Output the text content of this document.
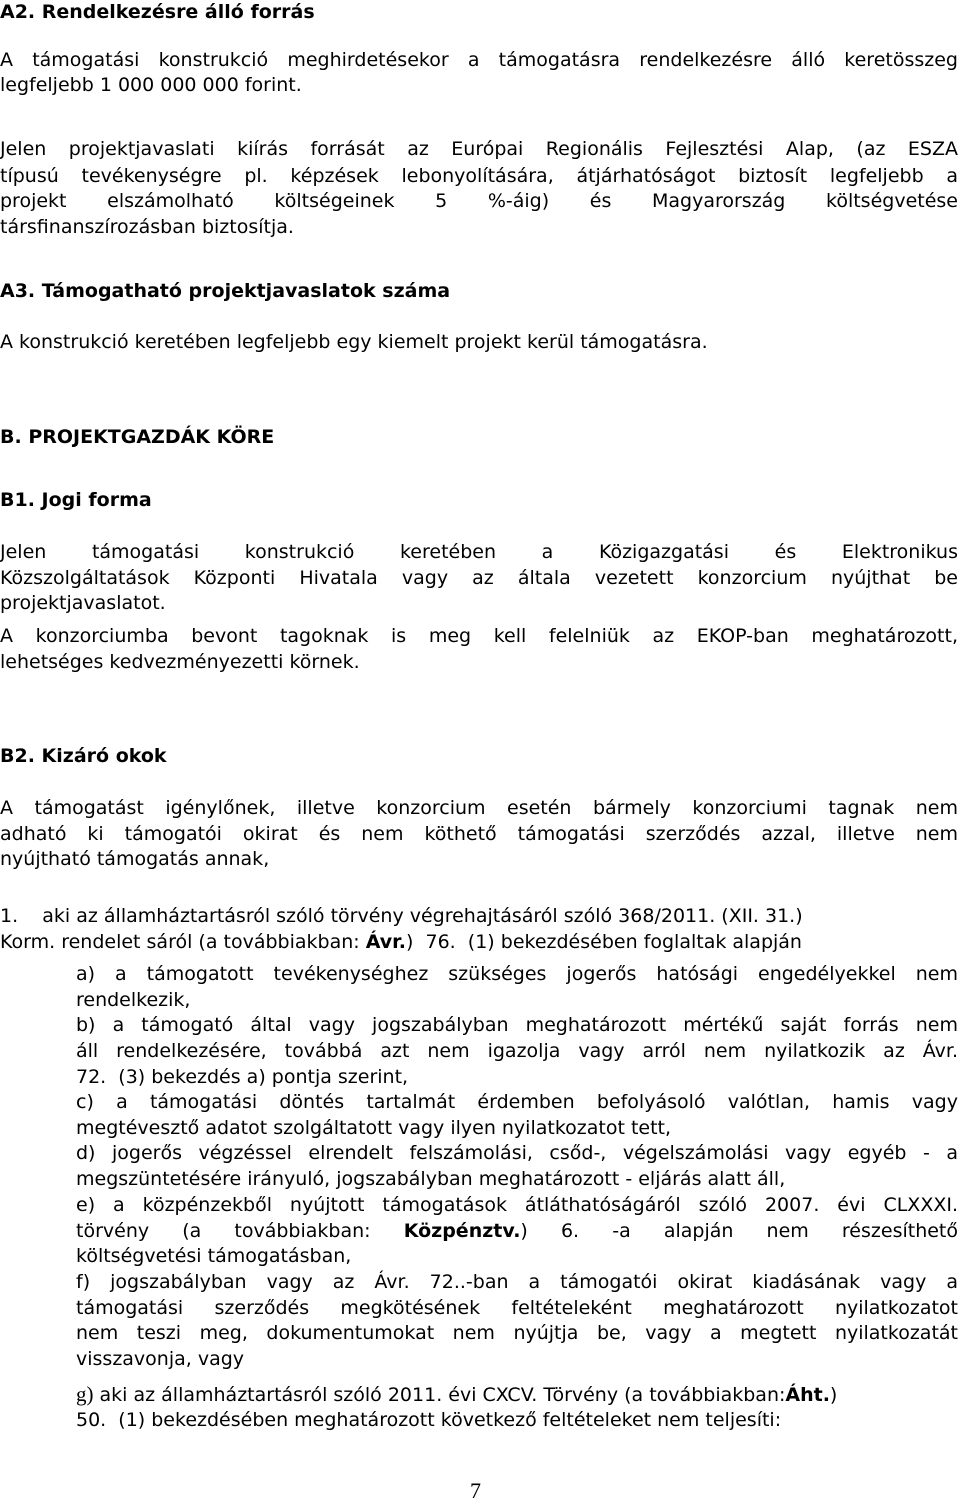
A2. Rendelkezésre álló forrás
A támogatási konstrukció meghirdetésekor a támogatásra rendelkezésre álló keretösszeg
legfeljebb 1 000 000 000 forint.
Jelen projektjavaslati kiírás forrását az Európai Regionális Fejlesztési Alap, (az ESZA
típusú tevékenységre pl. képzések lebonyolítására, átjárhatóságot biztosít legfeljebb a
projekt elszámolható költségeinek 5 %-áig) és Magyarország költségvetése
társfinanszírozásban biztosítja.
A3. Támogatható projektjavaslatok száma
A konstrukció keretében legfeljebb egy kiemelt projekt kerül támogatásra.
B. PROJEKTGAZDÁK KÖRE
B1. Jogi forma
Jelen támogatási konstrukció keretében a Közigazgatási és Elektronikus
Közszolgáltatások Központi Hivatala vagy az általa vezetett konzorcium nyújthat be
projektjavaslatot.
A konzorciumba bevont tagoknak is meg kell felelniük az EKOP-ban meghatározott,
lehetséges kedvezményezetti körnek.
B2. Kizáró okok
A támogatást igénylőnek, illetve konzorcium esetén bármely konzorciumi tagnak nem
adható ki támogatói okirat és nem köthető támogatási szerződés azzal, illetve nem
nyújtható támogatás annak,
1.    aki az államháztartásról szóló törvény végrehajtásáról szóló 368/2011. (XII. 31.)
Korm. rendelet sáról (a továbbiakban: Ávr.)  76.  (1) bekezdésében foglaltak alapján
a) a támogatott tevékenységhez szükséges jogerős hatósági engedélyekkel nem
rendelkezik,
b) a támogató által vagy jogszabályban meghatározott mértékű saját forrás nem
áll rendelkezésére, továbbá azt nem igazolja vagy arról nem nyilatkozik az Ávr.
72.  (3) bekezdés a) pontja szerint,
c) a támogatási döntés tartalmát érdemben befolyásoló valótlan, hamis vagy
megtévesztő adatot szolgáltatott vagy ilyen nyilatkozatot tett,
d) jogerős végzéssel elrendelt felszámolási, csőd-, végelszámolási vagy egyéb - a
megszüntetésére irányuló, jogszabályban meghatározott - eljárás alatt áll,
e) a közpénzekből nyújtott támogatások átláthatóságáról szóló 2007. évi CLXXXI.
törvény (a továbbiakban: Közpénztv.) 6. -a alapján nem részesíthető
költségvetési támogatásban,
f) jogszabályban vagy az Ávr. 72..-ban a támogatói okirat kiadásának vagy a
támogatási szerződés megkötésének feltételeként meghatározott nyilatkozatot
nem teszi meg, dokumentumokat nem nyújtja be, vagy a megtett nyilatkozatát
visszavonja, vagy
g) aki az államháztartásról szóló 2011. évi CXCV. Törvény (a továbbiakban:Áht.)
50.  (1) bekezdésében meghatározott következő feltételeket nem teljesíti:
7
